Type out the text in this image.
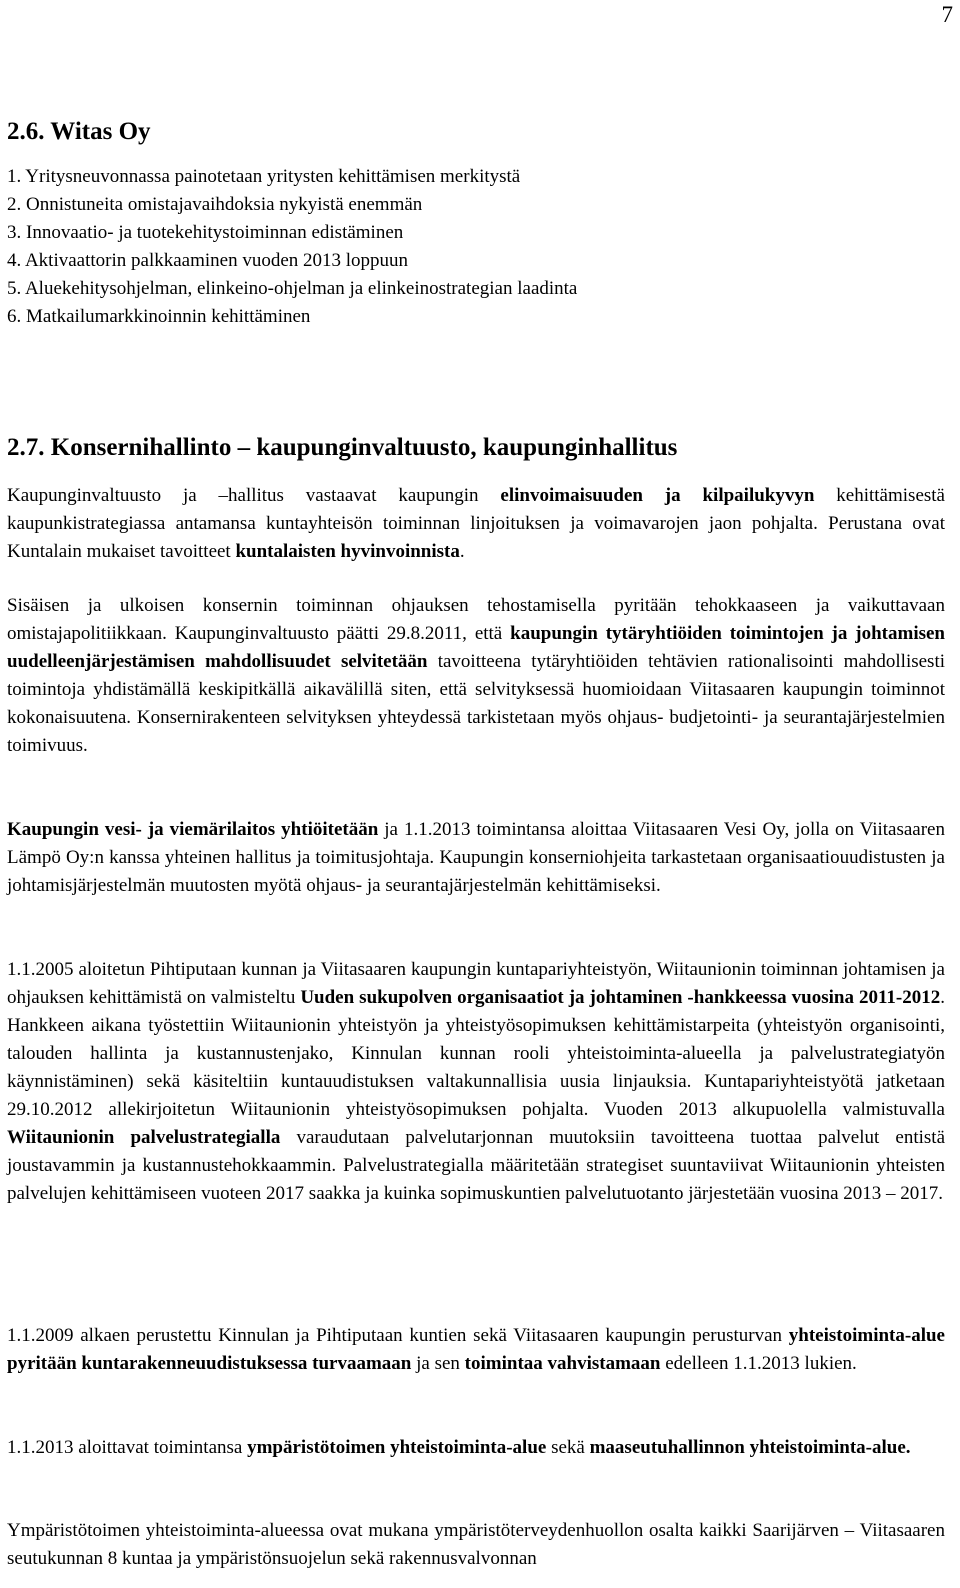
7
2.6. Witas Oy
1. Yritysneuvonnassa painotetaan yritysten kehittämisen merkitystä
2. Onnistuneita omistajavaihdoksia nykyistä enemmän
3. Innovaatio- ja tuotekehitystoiminnan edistäminen
4. Aktivaattorin palkkaaminen vuoden 2013 loppuun
5. Aluekehitysohjelman, elinkeino-ohjelman ja elinkeinostrategian laadinta
6. Matkailumarkkinoinnin kehittäminen
2.7. Konsernihallinto – kaupunginvaltuusto, kaupunginhallitus

Kaupunginvaltuusto ja –hallitus vastaavat kaupungin elinvoimaisuuden ja kilpailukyvyn kehittämisestä kaupunkistrategiassa antamansa kuntayhteisön toiminnan linjoituksen ja voimavarojen jaon pohjalta. Perustana ovat Kuntalain mukaiset tavoitteet kuntalaisten hyvinvoinnista.

Sisäisen ja ulkoisen konsernin toiminnan ohjauksen tehostamisella pyritään tehokkaaseen ja vaikuttavaan omistajapolitiikkaan. Kaupunginvaltuusto päätti 29.8.2011, että kaupungin tytäryhtiöiden toimintojen ja johtamisen uudelleenjärjestämisen mahdollisuudet selvitetään tavoitteena tytäryhtiöiden tehtävien rationalisointi mahdollisesti toimintoja yhdistämällä keskipitkällä aikavälillä siten, että selvityksessä huomioidaan Viitasaaren kaupungin toiminnot kokonaisuutena. Konsernirakenteen selvityksen yhteydessä tarkistetaan myös ohjaus- budjetointi- ja seurantajärjestelmien toimivuus.

Kaupungin vesi- ja viemärilaitos yhtiöitetään ja 1.1.2013 toimintansa aloittaa Viitasaaren Vesi Oy, jolla on Viitasaaren Lämpö Oy:n kanssa yhteinen hallitus ja toimitusjohtaja. Kaupungin konserniohjeita tarkastetaan organisaatiouudistusten ja johtamisjärjestelmän muutosten myötä ohjaus- ja seurantajärjestelmän kehittämiseksi.

1.1.2005 aloitetun Pihtiputaan kunnan ja Viitasaaren kaupungin kuntapariyhteistyön, Wiitaunionin toiminnan johtamisen ja ohjauksen kehittämistä on valmisteltu Uuden sukupolven organisaatiot ja johtaminen -hankkeessa vuosina 2011-2012. Hankkeen aikana työstettiin Wiitaunionin yhteistyön ja yhteistyösopimuksen kehittämistarpeita (yhteistyön organisointi, talouden hallinta ja kustannustenjako, Kinnulan kunnan rooli yhteistoiminta-alueella ja palvelustrategiatyön käynnistäminen) sekä käsiteltiin kuntauudistuksen valtakunnallisia uusia linjauksia. Kuntapariyhteistyötä jatketaan 29.10.2012 allekirjoitetun Wiitaunionin yhteistyösopimuksen pohjalta. Vuoden 2013 alkupuolella valmistuvalla Wiitaunionin palvelustrategialla varaudutaan palvelutarjonnan muutoksiin tavoitteena tuottaa palvelut entistä joustavammin ja kustannustehokkaammin. Palvelustrategialla määritetään strategiset suuntaviivat Wiitaunionin yhteisten palvelujen kehittämiseen vuoteen 2017 saakka ja kuinka sopimuskuntien palvelutuotanto järjestetään vuosina 2013 – 2017.

1.1.2009 alkaen perustettu Kinnulan ja Pihtiputaan kuntien sekä Viitasaaren kaupungin perusturvan yhteistoiminta-alue pyritään kuntarakenneuudistuksessa turvaamaan ja sen toimintaa vahvistamaan edelleen 1.1.2013 lukien.

1.1.2013 aloittavat toimintansa ympäristötoimen yhteistoiminta-alue sekä maaseutuhallinnon yhteistoiminta-alue.

Ympäristötoimen yhteistoiminta-alueessa ovat mukana ympäristöterveydenhuollon osalta kaikki Saarijärven – Viitasaaren seutukunnan 8 kuntaa ja ympäristönsuojelun sekä rakennusvalvonnan
